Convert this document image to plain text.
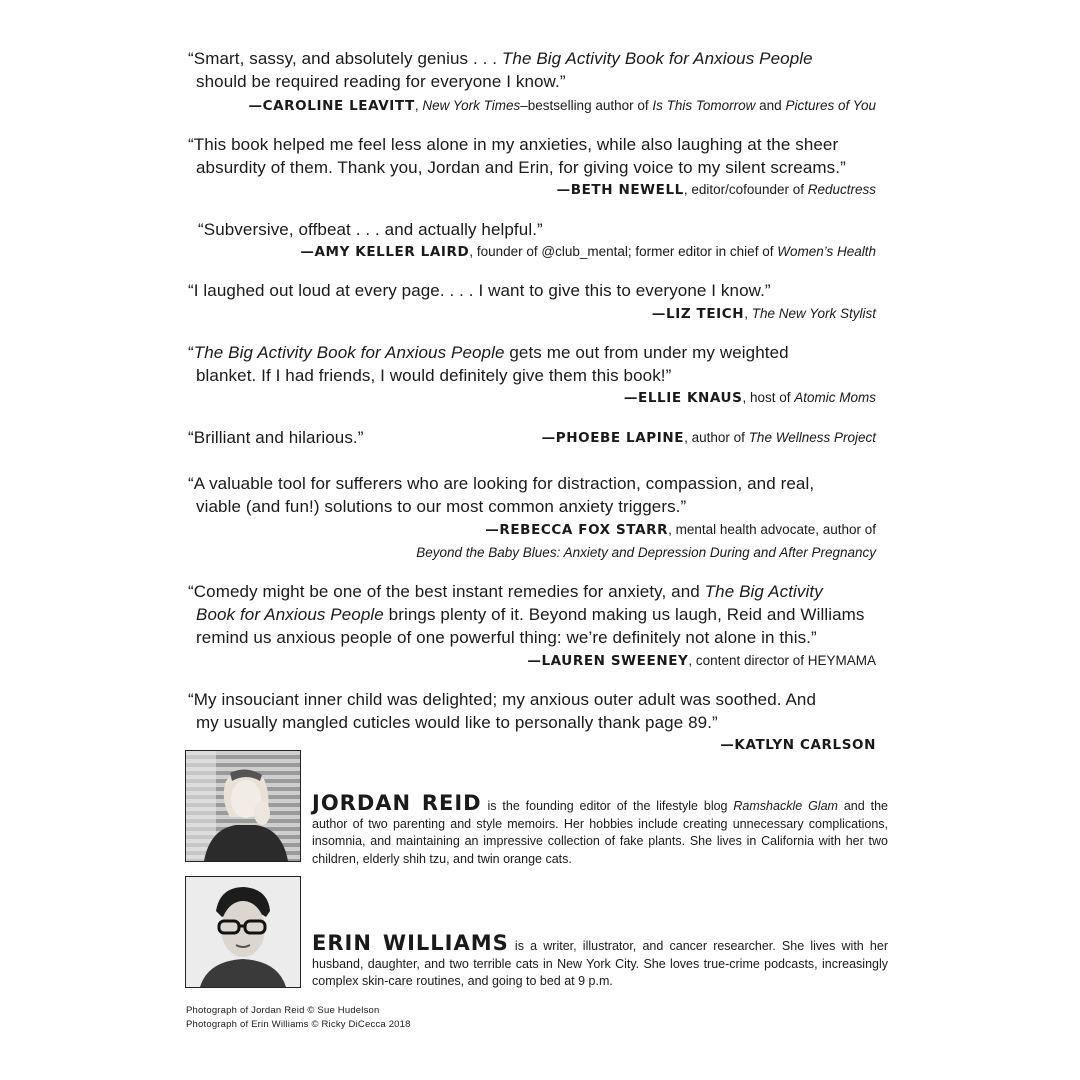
“Smart, sassy, and absolutely genius . . . The Big Activity Book for Anxious People
should be required reading for everyone I know.”
—CAROLINE LEAVITT, New York Times–bestselling author of Is This Tomorrow and Pictures of You
“This book helped me feel less alone in my anxieties, while also laughing at the sheer
absurdity of them. Thank you, Jordan and Erin, for giving voice to my silent screams.”
—BETH NEWELL, editor/cofounder of Reductress
“Subversive, offbeat . . . and actually helpful.”
—AMY KELLER LAIRD, founder of @club_mental; former editor in chief of Women’s Health
“I laughed out loud at every page. . . . I want to give this to everyone I know.”
—LIZ TEICH, The New York Stylist
“The Big Activity Book for Anxious People gets me out from under my weighted
blanket. If I had friends, I would definitely give them this book!”
—ELLIE KNAUS, host of Atomic Moms
“Brilliant and hilarious.”	—PHOEBE LAPINE, author of The Wellness Project
“A valuable tool for sufferers who are looking for distraction, compassion, and real,
viable (and fun!) solutions to our most common anxiety triggers.”
—REBECCA FOX STARR, mental health advocate, author of
Beyond the Baby Blues: Anxiety and Depression During and After Pregnancy
“Comedy might be one of the best instant remedies for anxiety, and The Big Activity
Book for Anxious People brings plenty of it. Beyond making us laugh, Reid and Williams
remind us anxious people of one powerful thing: we’re definitely not alone in this.”
—LAUREN SWEENEY, content director of HEYMAMA
“My insouciant inner child was delighted; my anxious outer adult was soothed. And
my usually mangled cuticles would like to personally thank page 89.”
—KATLYN CARLSON
JORDAN REID is the founding editor of the lifestyle blog Ramshackle Glam and the author of two parenting and style memoirs. Her hobbies include creating unnecessary complications, insomnia, and maintaining an impressive collection of fake plants. She lives in California with her two children, elderly shih tzu, and twin orange cats.
ERIN WILLIAMS is a writer, illustrator, and cancer researcher. She lives with her husband, daughter, and two terrible cats in New York City. She loves true-crime podcasts, increasingly complex skin-care routines, and going to bed at 9 p.m.
Photograph of Jordan Reid © Sue Hudelson
Photograph of Erin Williams © Ricky DiCecca 2018
